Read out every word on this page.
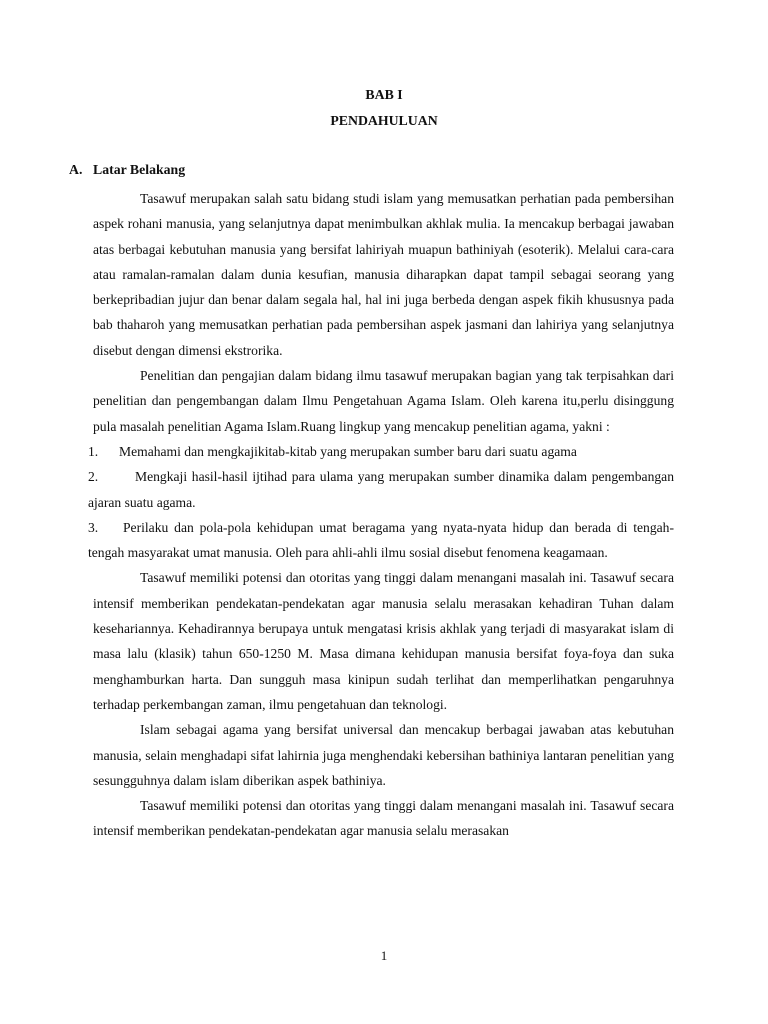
BAB I
PENDAHULUAN
A. Latar Belakang

Tasawuf merupakan salah satu bidang studi islam yang memusatkan perhatian pada pembersihan aspek rohani manusia, yang selanjutnya dapat menimbulkan akhlak mulia. Ia mencakup berbagai jawaban atas berbagai kebutuhan manusia yang bersifat lahiriyah muapun bathiniyah (esoterik). Melalui cara-cara atau ramalan-ramalan dalam dunia kesufian, manusia diharapkan dapat tampil sebagai seorang yang berkepribadian jujur dan benar dalam segala hal, hal ini juga berbeda dengan aspek fikih khususnya pada bab thaharoh yang memusatkan perhatian pada pembersihan aspek jasmani dan lahiriya yang selanjutnya disebut dengan dimensi ekstrorika.

Penelitian dan pengajian dalam bidang ilmu tasawuf merupakan bagian yang tak terpisahkan dari penelitian dan pengembangan dalam Ilmu Pengetahuan Agama Islam. Oleh karena itu,perlu disinggung pula masalah penelitian Agama Islam.Ruang lingkup yang mencakup penelitian agama, yakni :

1. Memahami dan mengkajikitab-kitab yang merupakan sumber baru dari suatu agama

2.	Mengkaji hasil-hasil ijtihad para ulama yang merupakan sumber dinamika dalam pengembangan ajaran suatu agama.

3. Perilaku dan pola-pola kehidupan umat beragama yang nyata-nyata hidup dan berada di tengah-tengah masyarakat umat manusia. Oleh para ahli-ahli ilmu sosial disebut fenomena keagamaan.

Tasawuf memiliki potensi dan otoritas yang tinggi dalam menangani masalah ini. Tasawuf secara intensif memberikan pendekatan-pendekatan agar manusia selalu merasakan kehadiran Tuhan dalam kesehariannya. Kehadirannya berupaya untuk mengatasi krisis akhlak yang terjadi di masyarakat islam di masa lalu (klasik) tahun 650-1250 M. Masa dimana kehidupan manusia bersifat foya-foya dan suka menghamburkan harta. Dan sungguh masa kinipun sudah terlihat dan memperlihatkan pengaruhnya terhadap perkembangan zaman, ilmu pengetahuan dan teknologi.

Islam sebagai agama yang bersifat universal dan mencakup berbagai jawaban atas kebutuhan manusia, selain menghadapi sifat lahirnia juga menghendaki kebersihan bathiniya lantaran penelitian yang sesungguhnya dalam islam diberikan aspek bathiniya.

Tasawuf memiliki potensi dan otoritas yang tinggi dalam menangani masalah ini. Tasawuf secara intensif memberikan pendekatan-pendekatan agar manusia selalu merasakan

1
